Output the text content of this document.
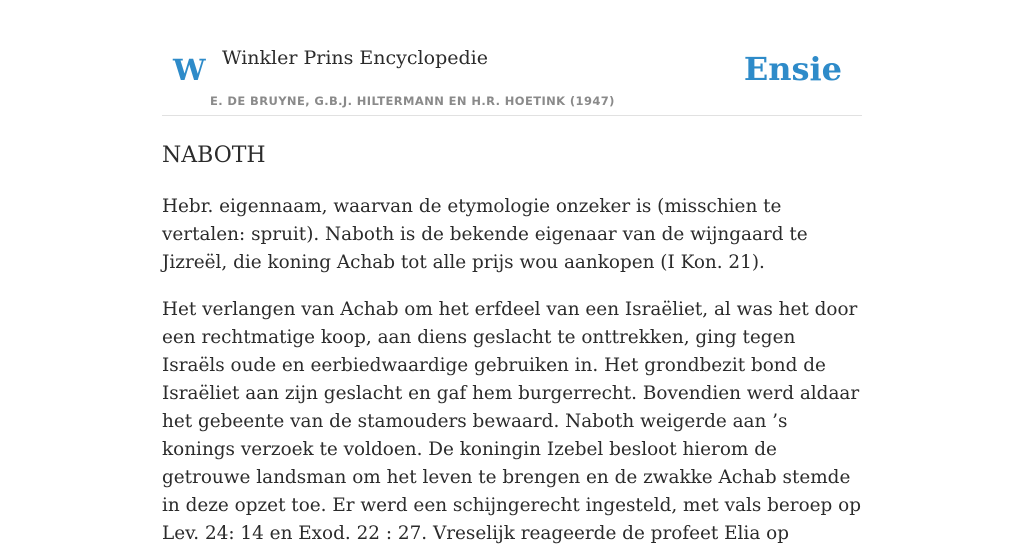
W Winkler Prins Encyclopedie
E. DE BRUYNE, G.B.J. HILTERMANN EN H.R. HOETINK (1947)
Ensie
NABOTH

Hebr. eigennaam, waarvan de etymologie onzeker is (misschien te vertalen: spruit). Naboth is de bekende eigenaar van de wijngaard te Jizreël, die koning Achab tot alle prijs wou aankopen (I Kon. 21).

Het verlangen van Achab om het erfdeel van een Israëliet, al was het door een rechtmatige koop, aan diens geslacht te onttrekken, ging tegen Israëls oude en eerbiedwaardige gebruiken in. Het grondbezit bond de Israëliet aan zijn geslacht en gaf hem burgerrecht. Bovendien werd aldaar het gebeente van de stamouders bewaard. Naboth weigerde aan ’s konings verzoek te voldoen. De koningin Izebel besloot hierom de getrouwe landsman om het leven te brengen en de zwakke Achab stemde in deze opzet toe. Er werd een schijngerecht ingesteld, met vals beroep op Lev. 24: 14 en Exod. 22 : 27. Vreselijk reageerde de profeet Elia op
